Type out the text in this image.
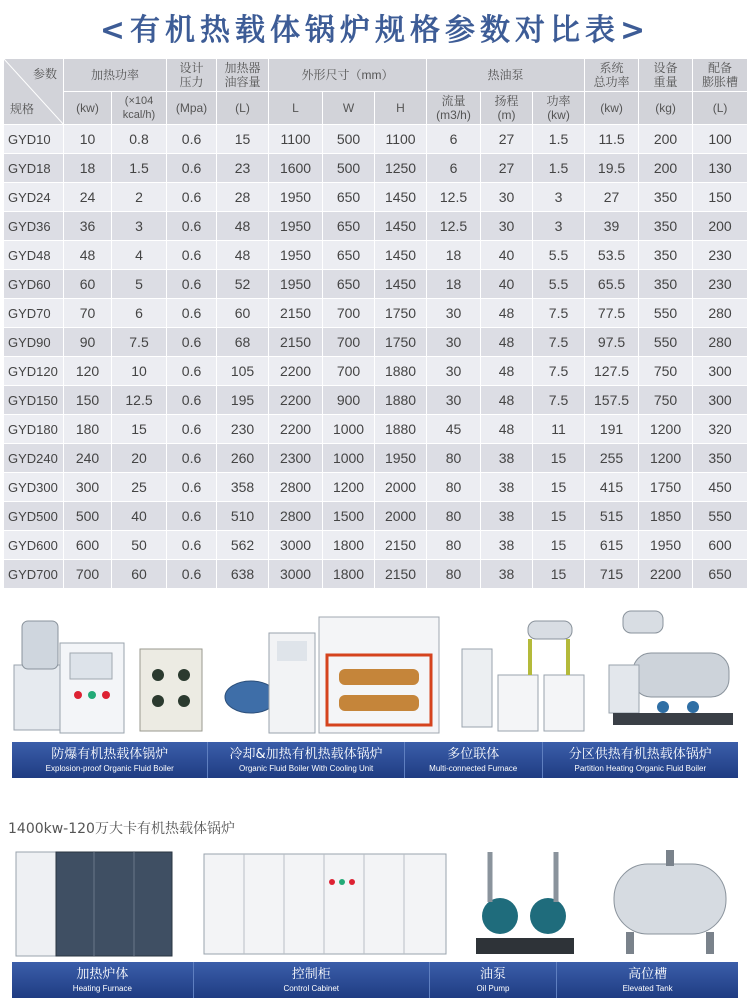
<有机热载体锅炉规格参数对比表>
参数
规格	加热功率		设计 压力	加热器 油容量	外形尺寸（mm）			热油泵			系统 总功率	设备 重量	配备 膨胀槽
	(kw)	(×104 kcal/h)	(Mpa)	(L)	L	W	H	流量 (m3/h)	扬程 (m)	功率 (kw)	(kw)	(kg)	(L)
GYD10	10	0.8	0.6	15	1100	500	1100	6	27	1.5	11.5	200	100
GYD18	18	1.5	0.6	23	1600	500	1250	6	27	1.5	19.5	200	130
GYD24	24	2	0.6	28	1950	650	1450	12.5	30	3	27	350	150
GYD36	36	3	0.6	48	1950	650	1450	12.5	30	3	39	350	200
GYD48	48	4	0.6	48	1950	650	1450	18	40	5.5	53.5	350	230
GYD60	60	5	0.6	52	1950	650	1450	18	40	5.5	65.5	350	230
GYD70	70	6	0.6	60	2150	700	1750	30	48	7.5	77.5	550	280
GYD90	90	7.5	0.6	68	2150	700	1750	30	48	7.5	97.5	550	280
GYD120	120	10	0.6	105	2200	700	1880	30	48	7.5	127.5	750	300
GYD150	150	12.5	0.6	195	2200	900	1880	30	48	7.5	157.5	750	300
GYD180	180	15	0.6	230	2200	1000	1880	45	48	11	191	1200	320
GYD240	240	20	0.6	260	2300	1000	1950	80	38	15	255	1200	350
GYD300	300	25	0.6	358	2800	1200	2000	80	38	15	415	1750	450
GYD500	500	40	0.6	510	2800	1500	2000	80	38	15	515	1850	550
GYD600	600	50	0.6	562	3000	1800	2150	80	38	15	615	1950	600
GYD700	700	60	0.6	638	3000	1800	2150	80	38	15	715	2200	650
防爆有机热载体锅炉
Explosion-proof Organic Fluid Boiler
冷却&加热有机热载体锅炉
Organic Fluid Boiler With Cooling Unit
多位联体
Multi-connected Furnace
分区供热有机热载体锅炉
Partition Heating Organic Fluid Boiler
1400kw-120万大卡有机热载体锅炉
加热炉体
Heating Furnace
控制柜
Control Cabinet
油泵
Oil Pump
高位槽
Elevated Tank
